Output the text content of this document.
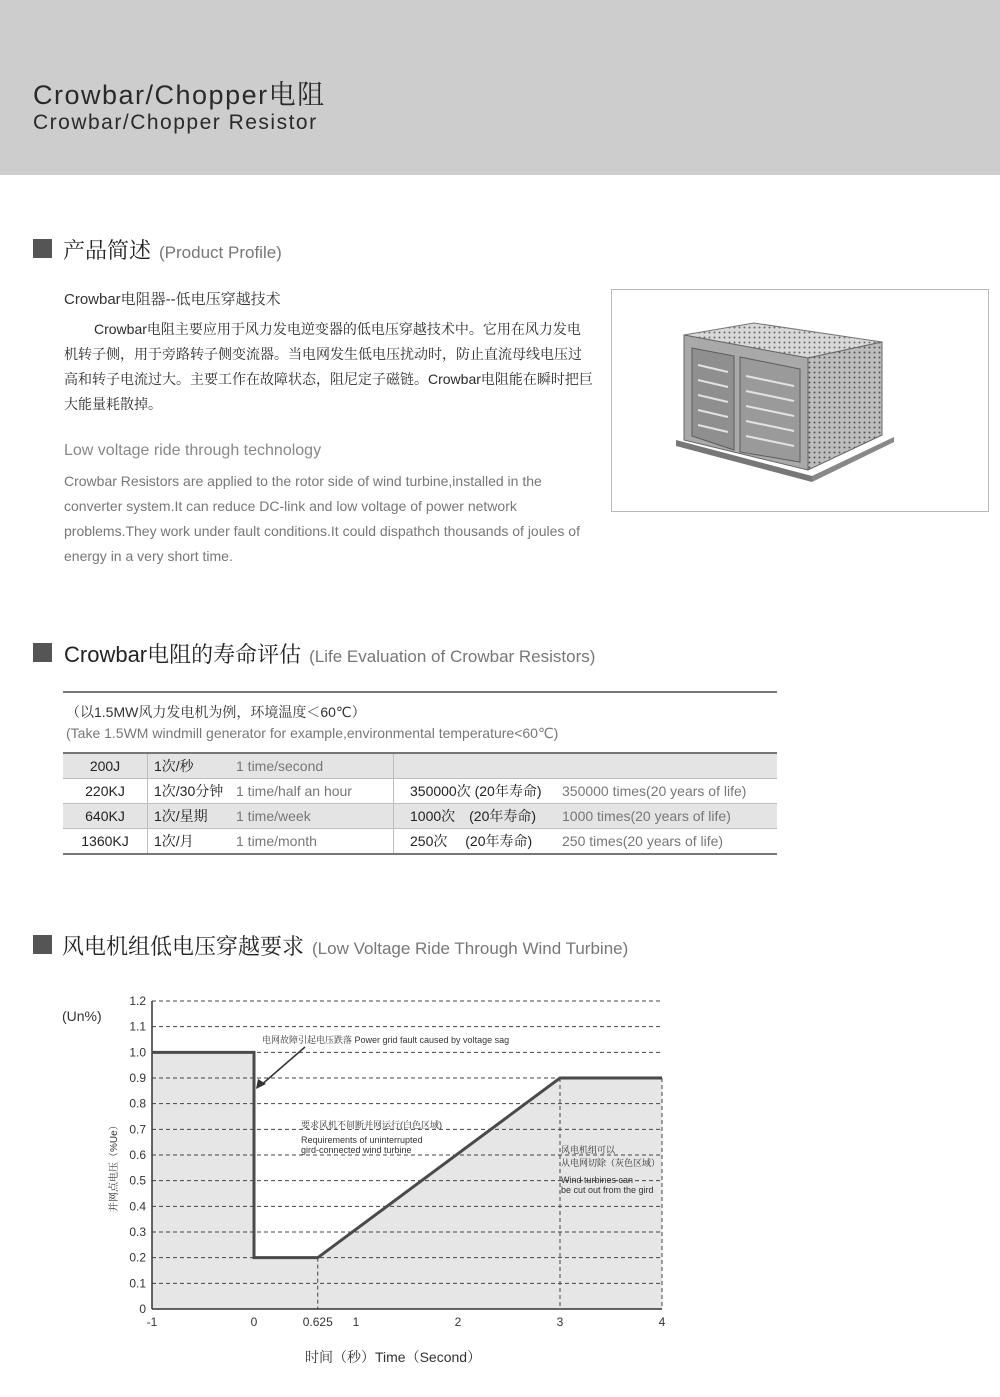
Crowbar/Chopper电阻
Crowbar/Chopper Resistor
产品简述 (Product Profile)
Crowbar电阻器--低电压穿越技术
Crowbar电阻主要应用于风力发电逆变器的低电压穿越技术中。它用在风力发电机转子侧，用于旁路转子侧变流器。当电网发生低电压扰动时，防止直流母线电压过高和转子电流过大。主要工作在故障状态，阻尼定子磁链。Crowbar电阻能在瞬时把巨大能量耗散掉。
Low voltage ride through technology
Crowbar Resistors are applied to the rotor side of wind turbine,installed in the converter system.It can reduce DC-link and low voltage of power network problems.They work under fault conditions.It could dispathch thousands of joules of energy in a very short time.
Crowbar电阻的寿命评估 (Life Evaluation of Crowbar Resistors)
（以1.5MW风力发电机为例，环境温度＜60℃）
(Take 1.5WM windmill generator for example,environmental temperature<60℃)
200J	1次/秒	1 time/second		
220KJ	1次/30分钟	1 time/half an hour	350000次 (20年寿命)	350000 times(20 years of life)
640KJ	1次/星期	1 time/week	1000次　(20年寿命)	1000 times(20 years of life)
1360KJ	1次/月	1 time/month	250次　 (20年寿命)	250 times(20 years of life)
风电机组低电压穿越要求 (Low Voltage Ride Through Wind Turbine)
0
0.1
0.2
0.3
0.4
0.5
0.6
0.7
0.8
0.9
1.0
1.1
1.2
-1	0	0.625 1	2	3	4
(Un%)
并网点电压（%Ue）
时间（秒）Time（Second）
电网故障引起电压跌落 Power grid fault caused by voltage sag
要求风机不间断并网运行(白色区域)
Requirements of uninterrupted
gird-connected wind turbine	风电机组可以
从电网切除（灰色区域）
Wind turbines can
be cut out from the gird
